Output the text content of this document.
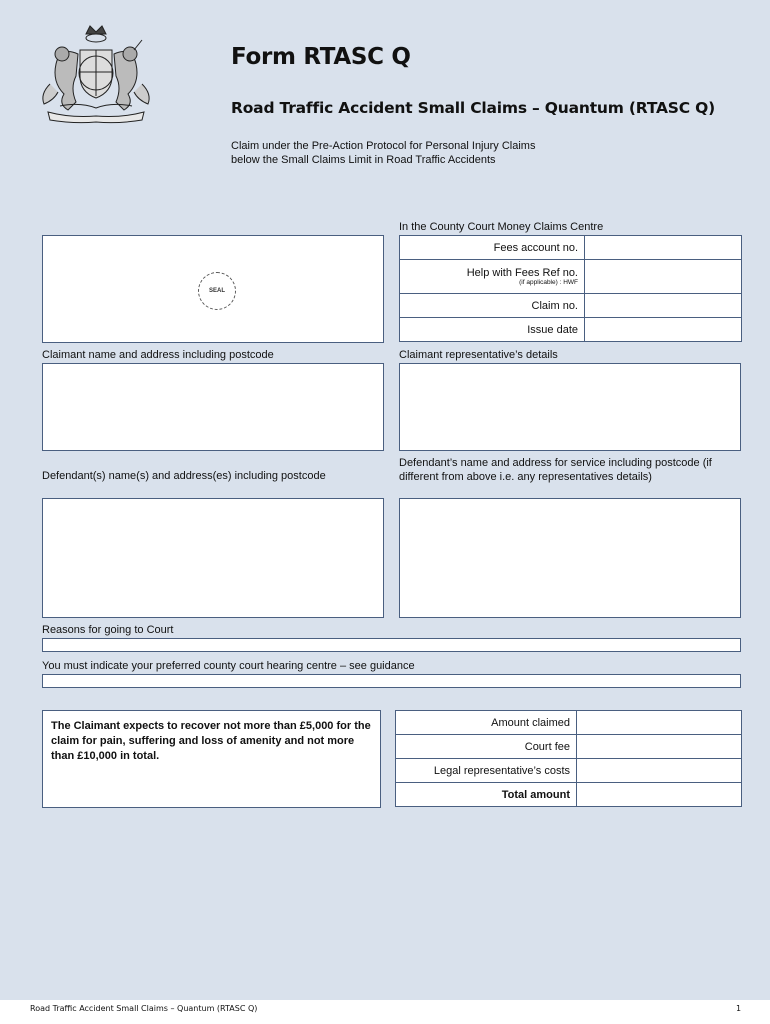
Form RTASC Q
Road Traffic Accident Small Claims – Quantum (RTASC Q)
Claim under the Pre-Action Protocol for Personal Injury Claims
below the Small Claims Limit in Road Traffic Accidents
In the County Court Money Claims Centre
SEAL
Fees account no.	
Help with Fees Ref no.
(if applicable) : HWF	

Claim no.	
Issue date	
Claimant name and address including postcode	Claimant representative’s details
Defendant(s) name(s) and address(es) including postcode
Defendant’s name and address for service including postcode (if different from above i.e. any representatives details)
Reasons for going to Court
You must indicate your preferred county court hearing centre – see guidance
The Claimant expects to recover not more than £5,000 for the claim for pain, suffering and loss of amenity and not more than £10,000 in total.
Amount claimed	
Court fee	
Legal representative’s costs	
Total amount	
Road Traffic Accident Small Claims – Quantum (RTASC Q)	1
